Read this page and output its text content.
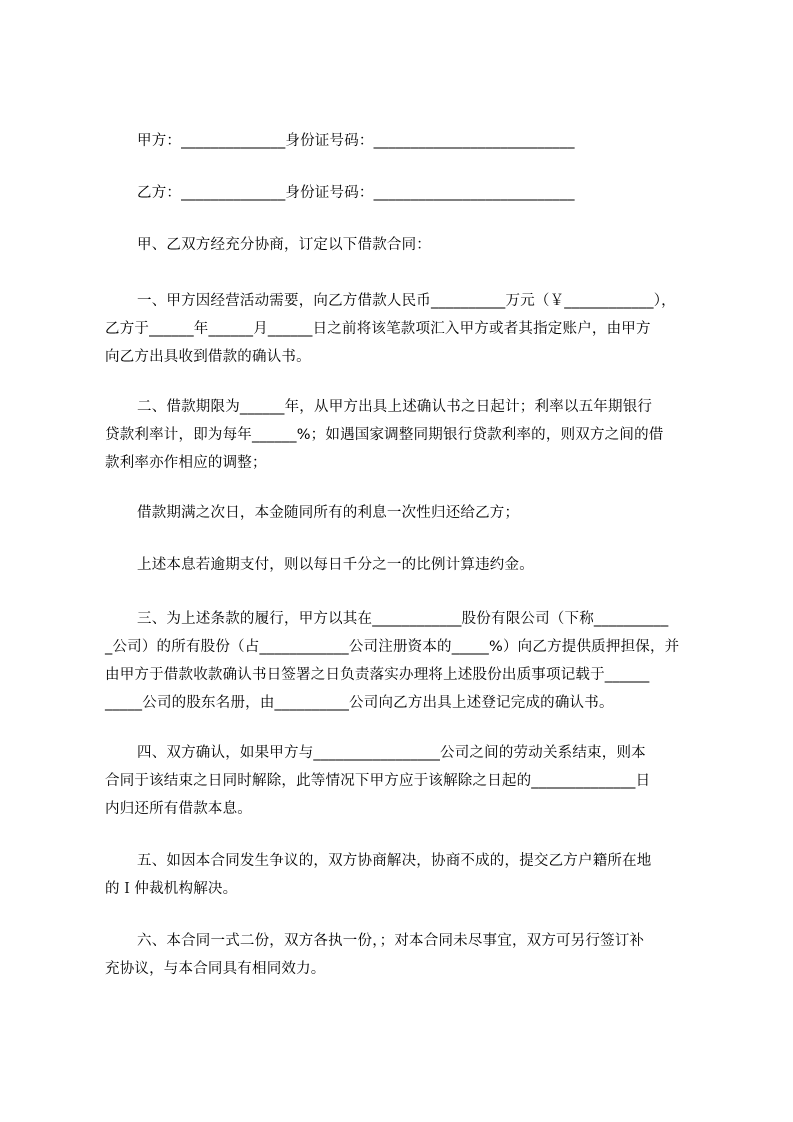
甲方：______________身份证号码：___________________________
乙方：______________身份证号码：___________________________
甲、乙双方经充分协商，订定以下借款合同：
一、甲方因经营活动需要，向乙方借款人民币__________万元（￥____________），
乙方于______年______月______日之前将该笔款项汇入甲方或者其指定账户，由甲方
向乙方出具收到借款的确认书。
二、借款期限为______年，从甲方出具上述确认书之日起计；利率以五年期银行
贷款利率计，即为每年______%；如遇国家调整同期银行贷款利率的，则双方之间的借
款利率亦作相应的调整；
借款期满之次日，本金随同所有的利息一次性归还给乙方；
上述本息若逾期支付，则以每日千分之一的比例计算违约金。
三、为上述条款的履行，甲方以其在____________股份有限公司（下称__________
_公司）的所有股份（占____________公司注册资本的_____%）向乙方提供质押担保，并
由甲方于借款收款确认书日签署之日负责落实办理将上述股份出质事项记载于______
_____公司的股东名册，由__________公司向乙方出具上述登记完成的确认书。
四、双方确认，如果甲方与_________________公司之间的劳动关系结束，则本
合同于该结束之日同时解除，此等情况下甲方应于该解除之日起的______________日
内归还所有借款本息。
五、如因本合同发生争议的，双方协商解决，协商不成的，提交乙方户籍所在地
的Ｉ仲裁机构解决。
六、本合同一式二份，双方各执一份，；对本合同未尽事宜，双方可另行签订补
充协议，与本合同具有相同效力。
